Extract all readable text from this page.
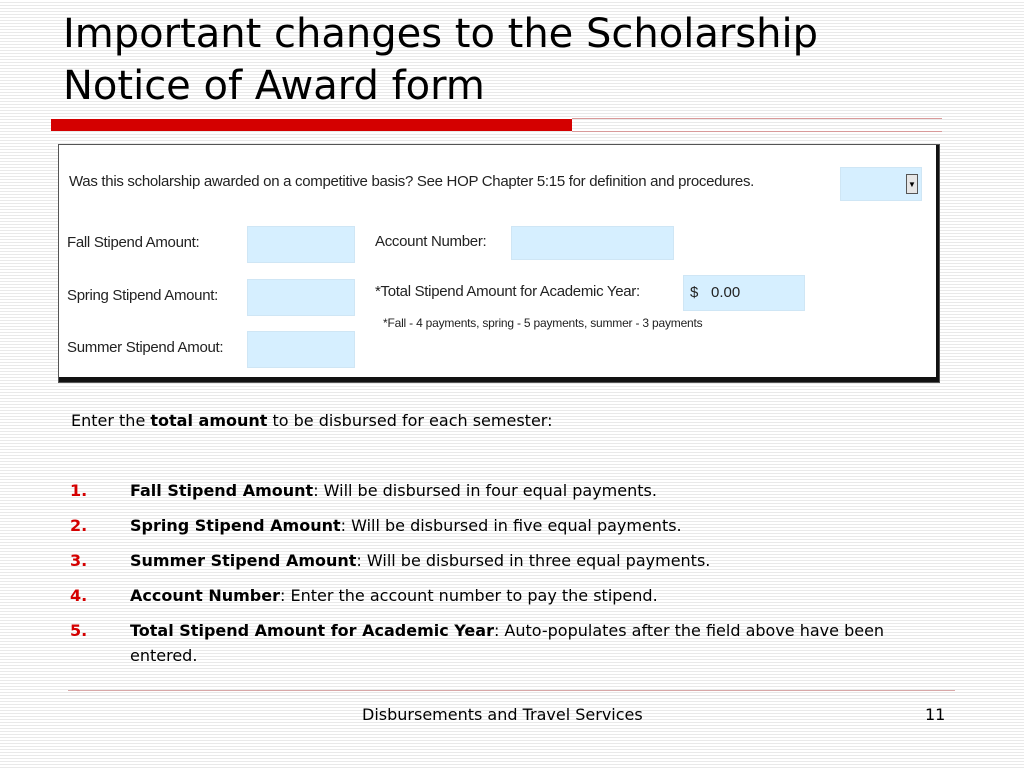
Important changes to the Scholarship
Notice of Award form
Was this scholarship awarded on a competitive basis? See HOP Chapter 5:15 for definition and procedures.	▼
Fall Stipend Amount:
Spring Stipend Amount:
Summer Stipend Amout:
Account Number:
*Total Stipend Amount for Academic Year:	$ 0.00
*Fall - 4 payments, spring - 5 payments, summer - 3 payments
Enter the total amount to be disbursed for each semester:
1.	Fall Stipend Amount: Will be disbursed in four equal payments.
2.	Spring Stipend Amount: Will be disbursed in five equal payments.
3.	Summer Stipend Amount: Will be disbursed in three equal payments.
4.	Account Number: Enter the account number to pay the stipend.
5.	Total Stipend Amount for Academic Year: Auto-populates after the field above have been entered.
Disbursements and Travel Services	11
